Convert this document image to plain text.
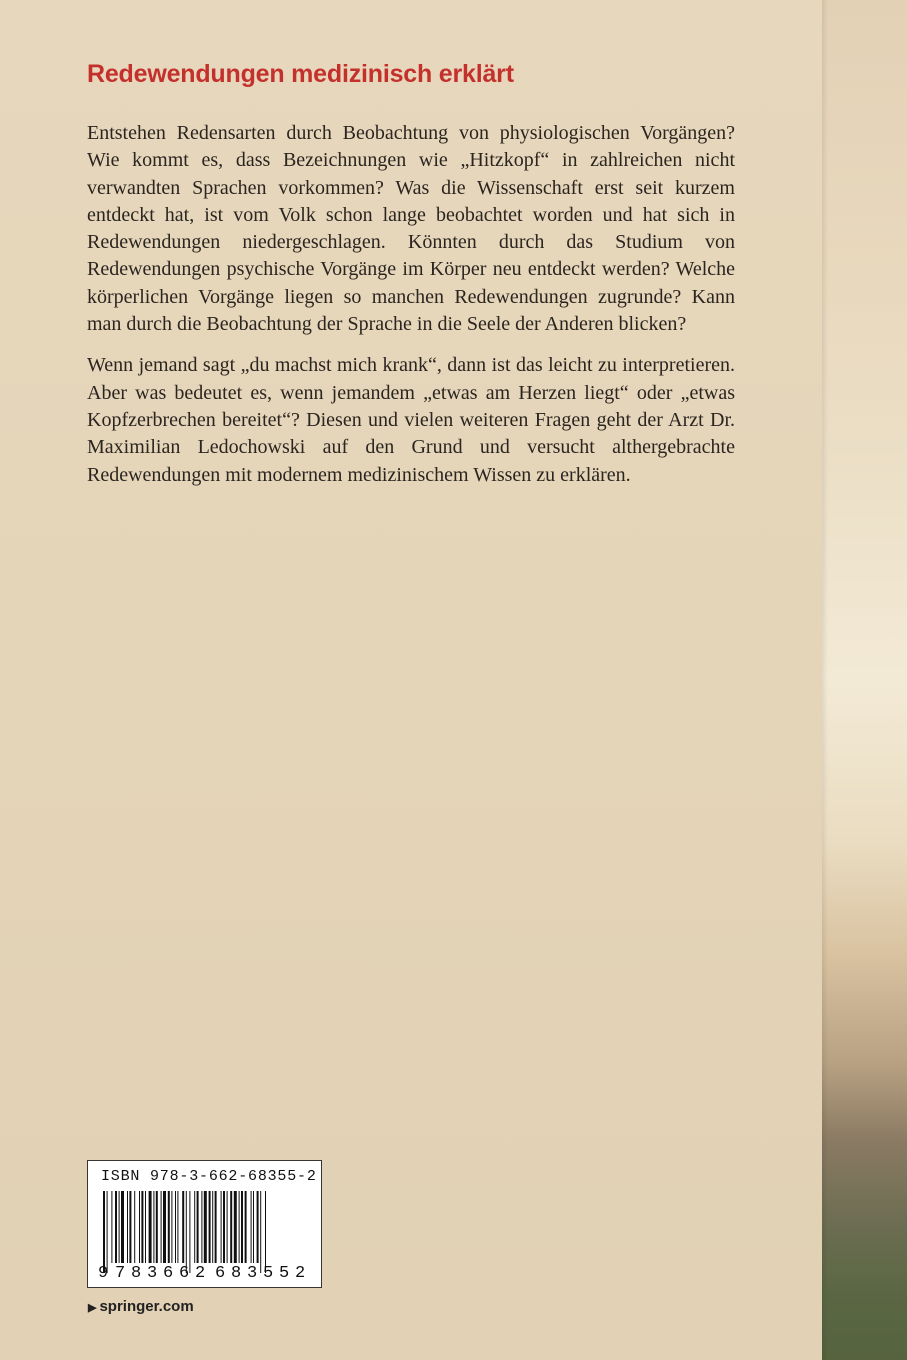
Redewendungen medizinisch erklärt

Entstehen Redensarten durch Beobachtung von physiologischen Vorgängen? Wie kommt es, dass Bezeichnungen wie „Hitzkopf“ in zahlreichen nicht verwandten Sprachen vorkommen? Was die Wissenschaft erst seit kurzem entdeckt hat, ist vom Volk schon lange beobachtet worden und hat sich in Redewendungen niedergeschlagen. Könnten durch das Studium von Redewendungen psychische Vorgänge im Körper neu entdeckt werden? Welche körperlichen Vorgänge liegen so manchen Redewendungen zugrunde? Kann man durch die Beobachtung der Sprache in die Seele der Anderen blicken?

Wenn jemand sagt „du machst mich krank“, dann ist das leicht zu interpretieren. Aber was bedeutet es, wenn jemandem „etwas am Herzen liegt“ oder „etwas Kopfzerbrechen bereitet“? Diesen und vielen weiteren Fragen geht der Arzt Dr. Maximilian Ledochowski auf den Grund und versucht althergebrachte Redewendungen mit modernem medizinischem Wissen zu erklären.

ISBN 978-3-662-68355-2
9 7 8 3 6 6 2 6 8 3 5 5 2
▶ springer.com
